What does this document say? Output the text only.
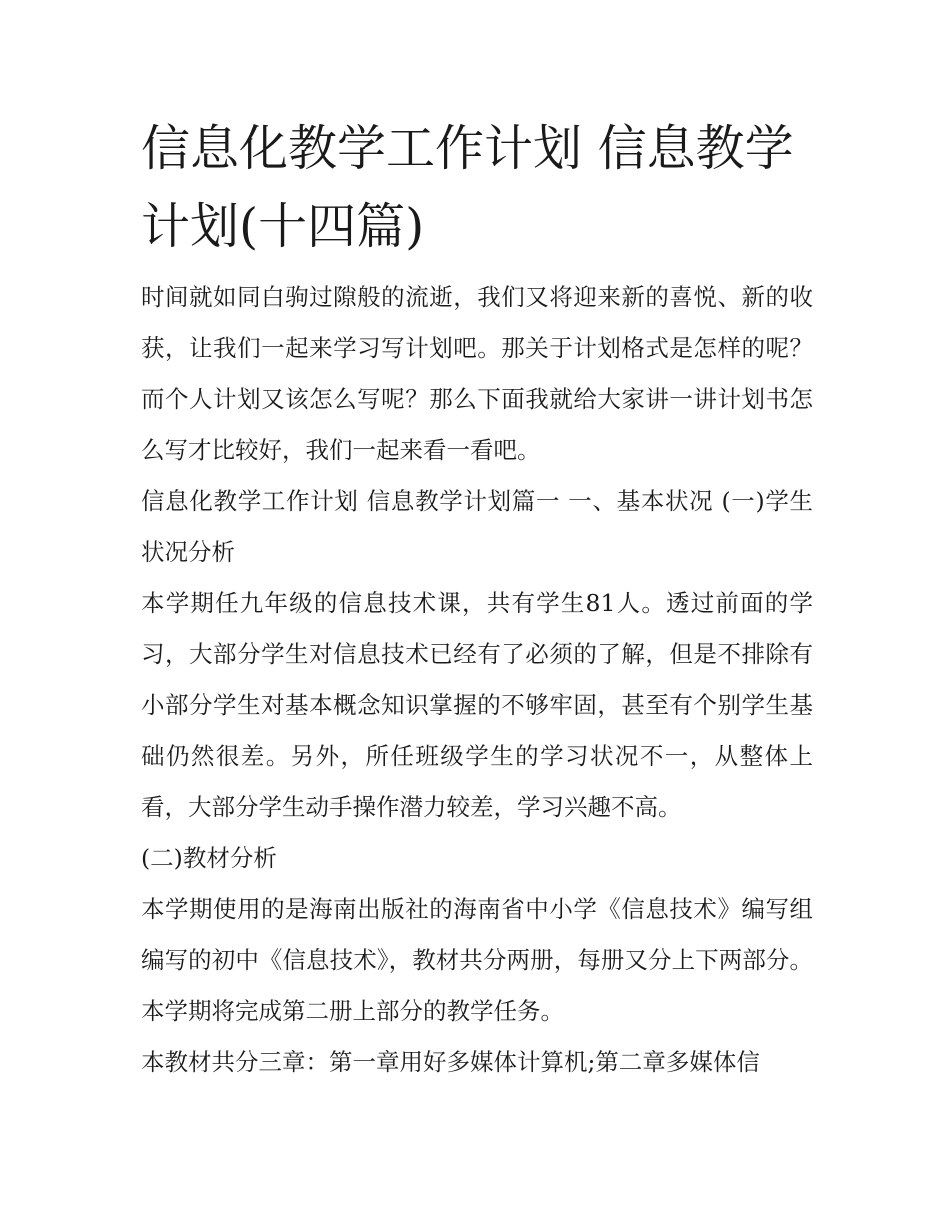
信息化教学工作计划 信息教学计划(十四篇)

时间就如同白驹过隙般的流逝，我们又将迎来新的喜悦、新的收获，让我们一起来学习写计划吧。那关于计划格式是怎样的呢？而个人计划又该怎么写呢？那么下面我就给大家讲一讲计划书怎么写才比较好，我们一起来看一看吧。

信息化教学工作计划 信息教学计划篇一 一、基本状况 (一)学生状况分析

本学期任九年级的信息技术课，共有学生81人。透过前面的学习，大部分学生对信息技术已经有了必须的了解，但是不排除有小部分学生对基本概念知识掌握的不够牢固，甚至有个别学生基础仍然很差。另外，所任班级学生的学习状况不一，从整体上看，大部分学生动手操作潜力较差，学习兴趣不高。

(二)教材分析

本学期使用的是海南出版社的海南省中小学《信息技术》编写组编写的初中《信息技术》，教材共分两册，每册又分上下两部分。本学期将完成第二册上部分的教学任务。

本教材共分三章：第一章用好多媒体计算机;第二章多媒体信
